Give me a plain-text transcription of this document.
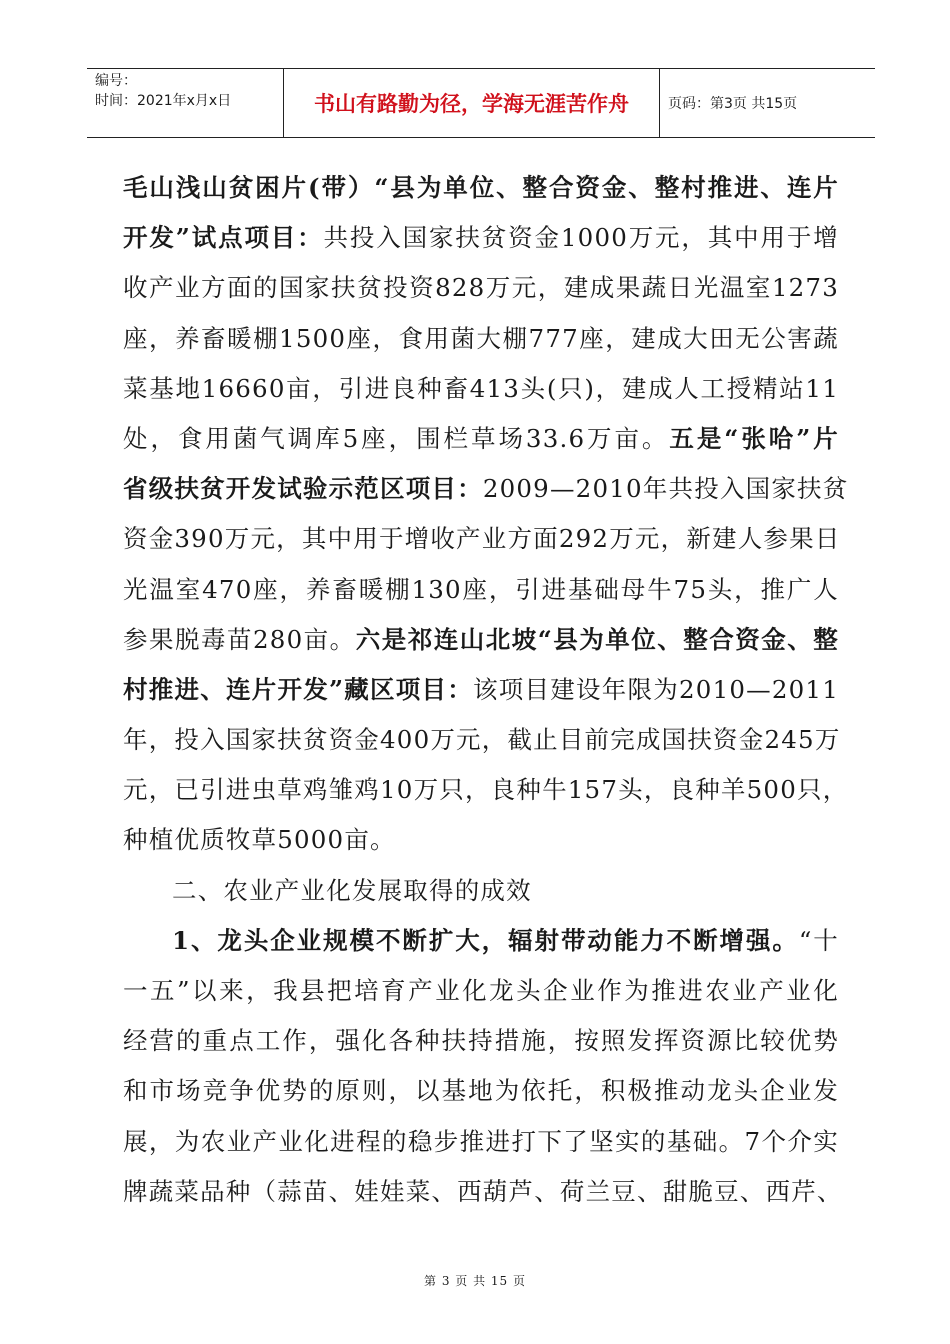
编号：
时间：2021年x月x日	书山有路勤为径，学海无涯苦作舟	页码：第3页 共15页
毛山浅山贫困片(带）“县为单位、整合资金、整村推进、连片
开发”试点项目：共投入国家扶贫资金1000万元，其中用于增
收产业方面的国家扶贫投资828万元，建成果蔬日光温室1273
座，养畜暖棚1500座，食用菌大棚777座，建成大田无公害蔬
菜基地16660亩，引进良种畜413头(只)，建成人工授精站11
处，食用菌气调库5座，围栏草场33.6万亩。五是“张哈”片
省级扶贫开发试验示范区项目：2009—2010年共投入国家扶贫
资金390万元，其中用于增收产业方面292万元，新建人参果日
光温室470座，养畜暖棚130座，引进基础母牛75头，推广人
参果脱毒苗280亩。六是祁连山北坡“县为单位、整合资金、整
村推进、连片开发”藏区项目：该项目建设年限为2010—2011
年，投入国家扶贫资金400万元，截止目前完成国扶资金245万
元，已引进虫草鸡雏鸡10万只，良种牛157头，良种羊500只，
种植优质牧草5000亩。
二、农业产业化发展取得的成效
1、龙头企业规模不断扩大，辐射带动能力不断增强。“十
一五”以来，我县把培育产业化龙头企业作为推进农业产业化
经营的重点工作，强化各种扶持措施，按照发挥资源比较优势
和市场竞争优势的原则，以基地为依托，积极推动龙头企业发
展，为农业产业化进程的稳步推进打下了坚实的基础。7个介实
牌蔬菜品种（蒜苗、娃娃菜、西葫芦、荷兰豆、甜脆豆、西芹、
第 3 页 共 15 页
